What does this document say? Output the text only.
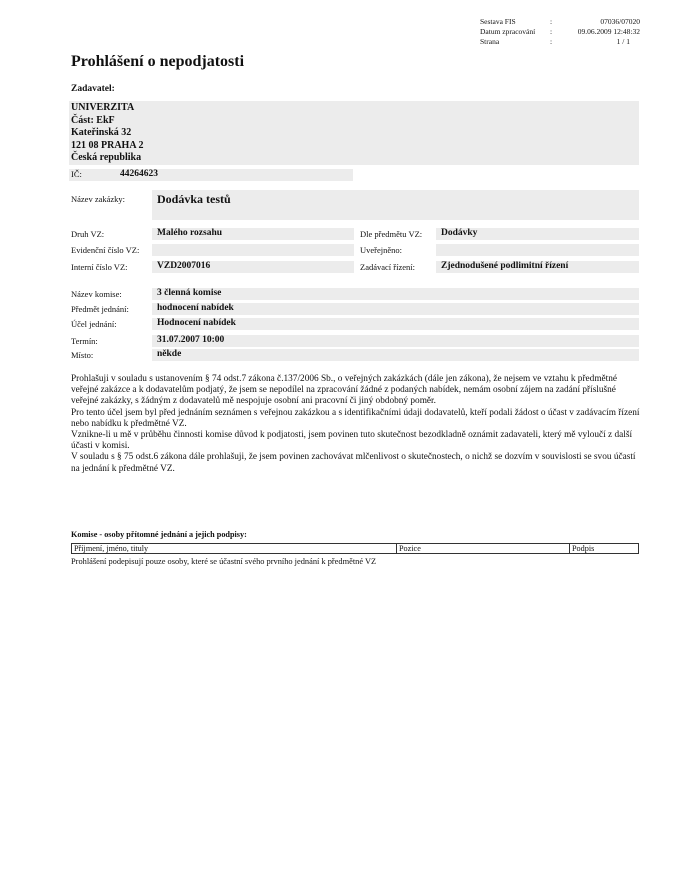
Sestava FIS	:	07036/07020
Datum zpracování :	09.06.2009 12:48:32
Strana	:	1 / 1
Prohlášení o nepodjatosti
Zadavatel:
UNIVERZITA
Část: EkF
Kateřinská 32
121 08 PRAHA 2
Česká republika
IČ:	44264623
Název zakázky:	Dodávka testů
Druh VZ:	Malého rozsahu	Dle předmětu VZ: Dodávky
Evidenční číslo VZ:	Uveřejněno:
Interní číslo VZ:	VZD2007016	Zadávací řízení:	Zjednodušené podlimitní řízení
Název komise:	3 členná komise
Předmět jednání:	hodnocení nabídek
Účel jednání:	Hodnocení nabídek
Termín:	31.07.2007 10:00
Místo:	někde
Prohlašuji v souladu s ustanovením § 74 odst.7 zákona č.137/2006 Sb., o veřejných zakázkách (dále jen zákona), že nejsem ve vztahu k předmětné veřejné zakázce a k dodavatelům podjatý, že jsem se nepodílel na zpracování žádné z podaných nabídek, nemám osobní zájem na zadání příslušné veřejné zakázky, s žádným z dodavatelů mě nespojuje osobní ani pracovní či jiný obdobný poměr.
Pro tento účel jsem byl před jednáním seznámen s veřejnou zakázkou a s identifikačními údaji dodavatelů, kteří podali žádost o účast v zadávacím řízení nebo nabídku k předmětné VZ.
Vznikne-li u mě v průběhu činnosti komise důvod k podjatosti, jsem povinen tuto skutečnost bezodkladně oznámit zadavateli, který mě vyloučí z další účasti v komisi.
V souladu s § 75 odst.6 zákona dále prohlašuji, že jsem povinen zachovávat mlčenlivost o skutečnostech, o nichž se dozvím v souvislosti se svou účastí na jednání k předmětné VZ.
Komise - osoby přítomné jednání a jejich podpisy:
Příjmení, jméno, tituly	Pozice	Podpis
Prohlášení podepisují pouze osoby, které se účastní svého prvního jednání k předmětné VZ
